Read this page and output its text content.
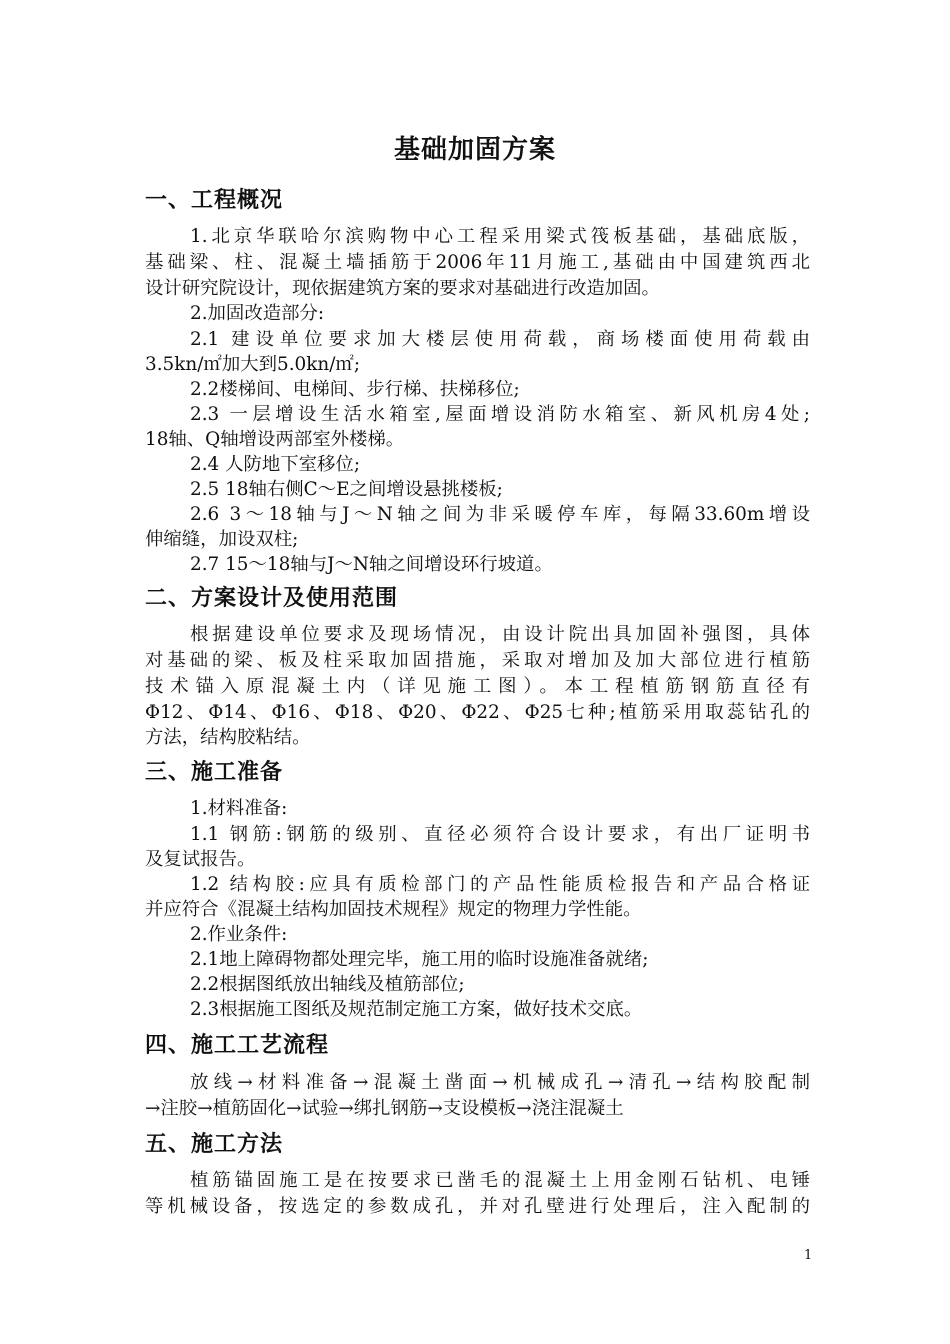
基础加固方案
一、工程概况
1.北京华联哈尔滨购物中心工程采用梁式筏板基础，基础底版，
基础梁、柱、混凝土墙插筋于2006年11月施工,基础由中国建筑西北
设计研究院设计，现依据建筑方案的要求对基础进行改造加固。
2.加固改造部分:
2.1 建设单位要求加大楼层使用荷载，商场楼面使用荷载由
3.5kn/㎡加大到5.0kn/㎡;
2.2楼梯间、电梯间、步行梯、扶梯移位;
2.3 一层增设生活水箱室,屋面增设消防水箱室、新风机房4处;
18轴、Q轴增设两部室外楼梯。
2.4 人防地下室移位;
2.5 18轴右侧C～E之间增设悬挑楼板;
2.6 3～18轴与J～N轴之间为非采暖停车库，每隔33.60m增设
伸缩缝，加设双柱;
2.7 15～18轴与J～N轴之间增设环行坡道。
二、方案设计及使用范围
根据建设单位要求及现场情况，由设计院出具加固补强图，具体
对基础的梁、板及柱采取加固措施，采取对增加及加大部位进行植筋
技术锚入原混凝土内（详见施工图）。本工程植筋钢筋直径有
Φ12、Φ14、Φ16、Φ18、Φ20、Φ22、Φ25七种;植筋采用取蕊钻孔的
方法，结构胶粘结。
三、施工准备
1.材料准备:
1.1 钢筋:钢筋的级别、直径必须符合设计要求，有出厂证明书
及复试报告。
1.2 结构胶:应具有质检部门的产品性能质检报告和产品合格证
并应符合《混凝土结构加固技术规程》规定的物理力学性能。
2.作业条件:
2.1地上障碍物都处理完毕，施工用的临时设施准备就绪;
2.2根据图纸放出轴线及植筋部位;
2.3根据施工图纸及规范制定施工方案，做好技术交底。
四、施工工艺流程
放线→材料准备→混凝土凿面→机械成孔→清孔→结构胶配制
→注胶→植筋固化→试验→绑扎钢筋→支设模板→浇注混凝土
五、施工方法
植筋锚固施工是在按要求已凿毛的混凝土上用金刚石钻机、电锤
等机械设备，按选定的参数成孔，并对孔壁进行处理后，注入配制的
1
